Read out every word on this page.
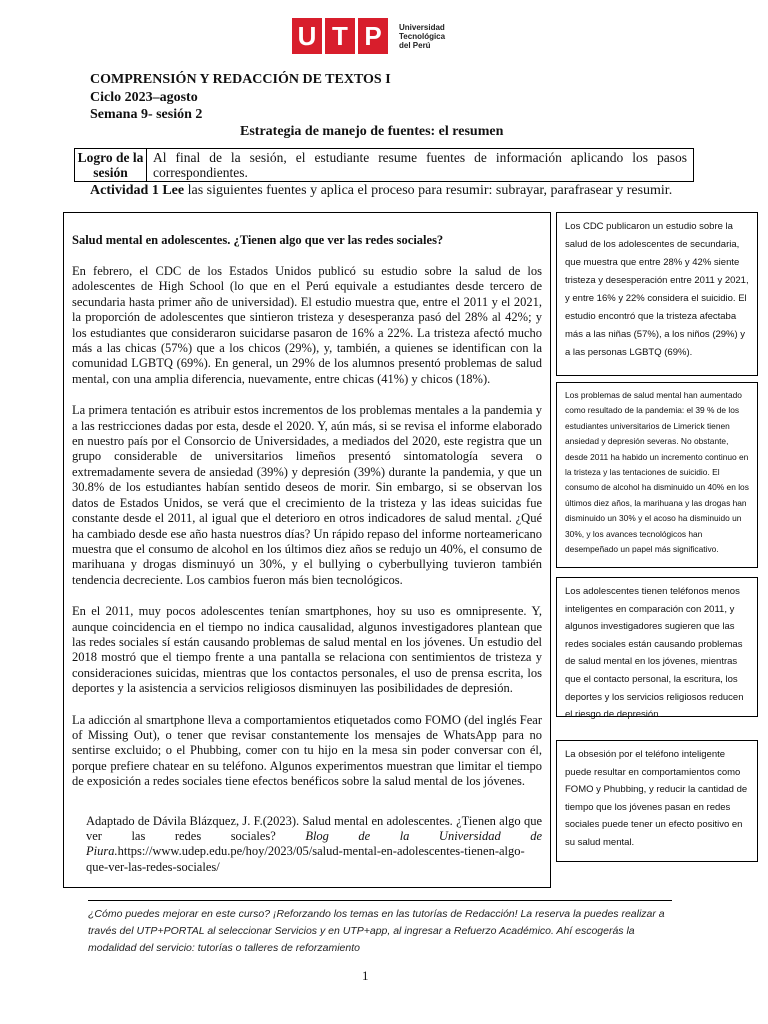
U T P	Universidad
Tecnológica
del Perú
COMPRENSIÓN Y REDACCIÓN DE TEXTOS I
Ciclo 2023–agosto
Semana 9- sesión 2
Estrategia de manejo de fuentes: el resumen
Logro de la sesión
Al final de la sesión, el estudiante resume fuentes de información aplicando los pasos correspondientes.
Actividad 1 Lee las siguientes fuentes y aplica el proceso para resumir: subrayar, parafrasear y resumir.
Salud mental en adolescentes. ¿Tienen algo que ver las redes sociales?

En febrero, el CDC de los Estados Unidos publicó su estudio sobre la salud de los adolescentes de High School (lo que en el Perú equivale a estudiantes desde tercero de secundaria hasta primer año de universidad). El estudio muestra que, entre el 2011 y el 2021, la proporción de adolescentes que sintieron tristeza y desesperanza pasó del 28% al 42%; y los estudiantes que consideraron suicidarse pasaron de 16% a 22%. La tristeza afectó mucho más a las chicas (57%) que a los chicos (29%), y, también, a quienes se identifican con la comunidad LGBTQ (69%). En general, un 29% de los alumnos presentó problemas de salud mental, con una amplia diferencia, nuevamente, entre chicas (41%) y chicos (18%).

La primera tentación es atribuir estos incrementos de los problemas mentales a la pandemia y a las restricciones dadas por esta, desde el 2020. Y, aún más, si se revisa el informe elaborado en nuestro país por el Consorcio de Universidades, a mediados del 2020, este registra que un grupo considerable de universitarios limeños presentó sintomatología severa o extremadamente severa de ansiedad (39%) y depresión (39%) durante la pandemia, y que un 30.8% de los estudiantes habían sentido deseos de morir. Sin embargo, si se observan los datos de Estados Unidos, se verá que el crecimiento de la tristeza y las ideas suicidas fue constante desde el 2011, al igual que el deterioro en otros indicadores de salud mental. ¿Qué ha cambiado desde ese año hasta nuestros días? Un rápido repaso del informe norteamericano muestra que el consumo de alcohol en los últimos diez años se redujo un 40%, el consumo de marihuana y drogas disminuyó un 30%, y el bullying o cyberbullying tuvieron también tendencia decreciente. Los cambios fueron más bien tecnológicos.

En el 2011, muy pocos adolescentes tenían smartphones, hoy su uso es omnipresente. Y, aunque coincidencia en el tiempo no indica causalidad, algunos investigadores plantean que las redes sociales sí están causando problemas de salud mental en los jóvenes. Un estudio del 2018 mostró que el tiempo frente a una pantalla se relaciona con sentimientos de tristeza y consideraciones suicidas, mientras que los contactos personales, el uso de prensa escrita, los deportes y la asistencia a servicios religiosos disminuyen las posibilidades de depresión.

La adicción al smartphone lleva a comportamientos etiquetados como FOMO (del inglés Fear of Missing Out), o tener que revisar constantemente los mensajes de WhatsApp para no sentirse excluido; o el Phubbing, comer con tu hijo en la mesa sin poder conversar con él, porque prefiere chatear en su teléfono. Algunos experimentos muestran que limitar el tiempo de exposición a redes sociales tiene efectos benéficos sobre la salud mental de los jóvenes.

Adaptado de Dávila Blázquez, J. F.(2023). Salud mental en adolescentes. ¿Tienen algo que ver las redes sociales? Blog de la Universidad de Piura.https://www.udep.edu.pe/hoy/2023/05/salud-mental-en-adolescentes-tienen-algo-que-ver-las-redes-sociales/

Los CDC publicaron un estudio sobre la salud de los adolescentes de secundaria, que muestra que entre 28% y 42% siente tristeza y desesperación entre 2011 y 2021, y entre 16% y 22% considera el suicidio. El estudio encontró que la tristeza afectaba más a las niñas (57%), a los niños (29%) y a las personas LGBTQ (69%).
Los problemas de salud mental han aumentado como resultado de la pandemia: el 39 % de los estudiantes universitarios de Limerick tienen ansiedad y depresión severas. No obstante, desde 2011 ha habido un incremento continuo en la tristeza y las tentaciones de suicidio. El consumo de alcohol ha disminuido un 40% en los últimos diez años, la marihuana y las drogas han disminuido un 30% y el acoso ha disminuido un 30%, y los avances tecnológicos han desempeñado un papel más significativo.
Los adolescentes tienen teléfonos menos inteligentes en comparación con 2011, y algunos investigadores sugieren que las redes sociales están causando problemas de salud mental en los jóvenes, mientras que el contacto personal, la escritura, los deportes y los servicios religiosos reducen el riesgo de depresión.
La obsesión por el teléfono inteligente puede resultar en comportamientos como FOMO y Phubbing, y reducir la cantidad de tiempo que los jóvenes pasan en redes sociales puede tener un efecto positivo en su salud mental.
¿Cómo puedes mejorar en este curso? ¡Reforzando los temas en las tutorías de Redacción! La reserva la puedes realizar a través del UTP+PORTAL al seleccionar Servicios y en UTP+app, al ingresar a Refuerzo Académico. Ahí escogerás la modalidad del servicio: tutorías o talleres de reforzamiento
1
